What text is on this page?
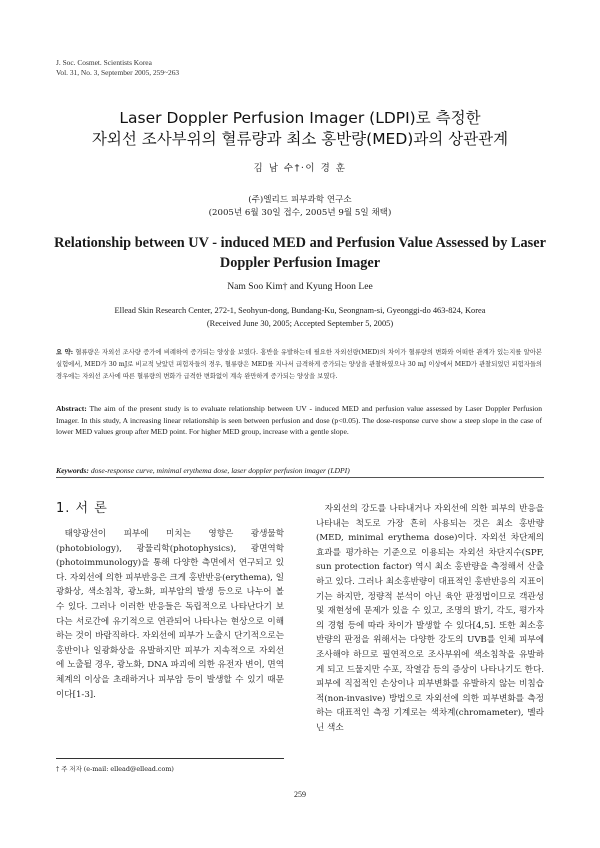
J. Soc. Cosmet. Scientists Korea
Vol. 31, No. 3, September 2005, 259~263
Laser Doppler Perfusion Imager (LDPI)로 측정한
자외선 조사부위의 혈류량과 최소 홍반량(MED)과의 상관관계
김 남 수†·이 경 훈
(주)엘리드 피부과학 연구소
(2005년 6월 30일 접수, 2005년 9월 5일 채택)
Relationship between UV - induced MED and Perfusion Value Assessed by Laser Doppler Perfusion Imager
Nam Soo Kim† and Kyung Hoon Lee
Ellead Skin Research Center, 272-1, Seohyun-dong, Bundang-Ku, Seongnam-si, Gyeonggi-do 463-824, Korea
(Received June 30, 2005; Accepted September 5, 2005)
요 약: 혈류량은 자외선 조사량 증가에 비례하여 증가되는 양상을 보였다. 홍반을 유발하는데 필요한 자외선량(MED)의 차이가 혈류량의 변화와 어떠한 관계가 있는지를 알아본 실험에서, MED가 30 mJ로 비교적 낮았던 피험자들의 경우, 혈류량은 MED를 지나서 급격하게 증가되는 양상을 관찰하였으나 30 mJ 이상에서 MED가 관찰되었던 피험자들의 경우에는 자외선 조사에 따른 혈류량의 변화가 급격한 변화없이 계속 완만하게 증가되는 양상을 보였다.
Abstract: The aim of the present study is to evaluate relationship between UV - induced MED and perfusion value assessed by Laser Doppler Perfusion Imager. In this study, A increasing linear relationship is seen between perfusion and dose (p<0.05). The dose-response curve show a steep slope in the case of lower MED values group after MED point. For higher MED group, increase with a gentle slope.
Keywords: dose-response curve, minimal erythema dose, laser doppler perfusion imager (LDPI)
1. 서 론

태양광선이 피부에 미치는 영향은 광생물학(photobiology), 광물리학(photophysics), 광면역학(photoimmunology)을 통해 다양한 측면에서 연구되고 있다. 자외선에 의한 피부반응은 크게 홍반반응(erythema), 일광화상, 색소침착, 광노화, 피부암의 발생 등으로 나누어 볼 수 있다. 그러나 이러한 반응들은 독립적으로 나타난다기 보다는 서로간에 유기적으로 연관되어 나타나는 현상으로 이해하는 것이 바람직하다. 자외선에 피부가 노출시 단기적으로는 홍반이나 일광화상을 유발하지만 피부가 지속적으로 자외선에 노출될 경우, 광노화, DNA 파괴에 의한 유전자 변이, 면역체계의 이상을 초래하거나 피부암 등이 발생할 수 있기 때문이다[1-3].

자외선의 강도를 나타내거나 자외선에 의한 피부의 반응을 나타내는 척도로 가장 흔히 사용되는 것은 최소 홍반량(MED, minimal erythema dose)이다. 자외선 차단제의 효과를 평가하는 기준으로 이용되는 자외선 차단지수(SPF, sun protection factor) 역시 최소 홍반량을 측정해서 산출하고 있다. 그러나 최소홍반량이 대표적인 홍반반응의 지표이기는 하지만, 정량적 분석이 아닌 육안 판정법이므로 객관성 및 재현성에 문제가 있을 수 있고, 조명의 밝기, 각도, 평가자의 경험 등에 따라 차이가 발생할 수 있다[4,5]. 또한 최소홍반량의 판정을 위해서는 다양한 강도의 UVB를 인체 피부에 조사해야 하므로 필연적으로 조사부위에 색소침착을 유발하게 되고 드물지만 수포, 작열감 등의 증상이 나타나기도 한다. 피부에 직접적인 손상이나 피부변화를 유발하지 않는 비침습적(non-invasive) 방법으로 자외선에 의한 피부변화를 측정하는 대표적인 측정 기계로는 색차계(chromameter), 멜라닌 색소

† 주 저자 (e-mail: ellead@ellead.com)
259
